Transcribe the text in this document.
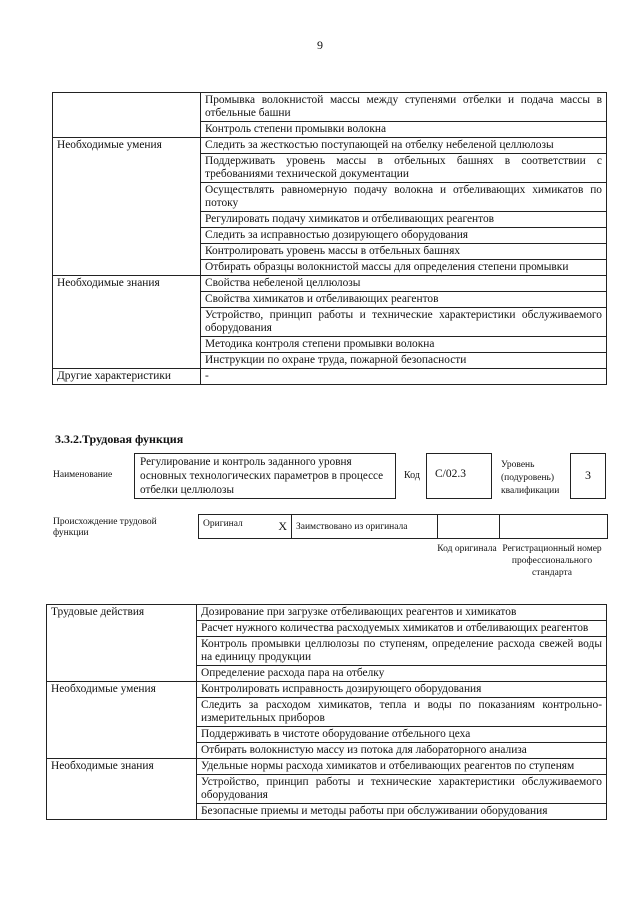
9
	Промывка волокнистой массы между ступенями отбелки и подача массы в отбельные башни
	Контроль степени промывки волокна
Необходимые умения	Следить за жесткостью поступающей на отбелку небеленой целлюлозы
	Поддерживать уровень массы в отбельных башнях в соответствии с требованиями технической документации
	Осуществлять равномерную подачу волокна и отбеливающих химикатов по потоку
	Регулировать подачу химикатов и отбеливающих реагентов
	Следить за исправностью дозирующего оборудования
	Контролировать уровень массы в отбельных башнях
	Отбирать образцы волокнистой массы для определения степени промывки
Необходимые знания	Свойства небеленой целлюлозы
	Свойства химикатов и отбеливающих реагентов
	Устройство, принцип работы и технические характеристики обслуживаемого оборудования
	Методика контроля степени промывки волокна
	Инструкции по охране труда, пожарной безопасности
Другие характеристики	-
3.3.2.Трудовая функция
Наименование
Регулирование и контроль заданного уровня основных технологических параметров в процессе отбелки целлюлозы
Код	С/02.3
Уровень (подуровень) квалификации
3
Происхождение трудовой функции
Оригинал	X	Заимствовано из оригинала		
Код оригинала Регистрационный номер профессионального стандарта
Трудовые действия	Дозирование при загрузке отбеливающих реагентов и химикатов
	Расчет нужного количества расходуемых химикатов и отбеливающих реагентов
	Контроль промывки целлюлозы по ступеням, определение расхода свежей воды на единицу продукции
	Определение расхода пара на отбелку
Необходимые умения	Контролировать исправность дозирующего оборудования
	Следить за расходом химикатов, тепла и воды по показаниям контрольно-измерительных приборов
	Поддерживать в чистоте оборудование отбельного цеха
	Отбирать волокнистую массу из потока для лабораторного анализа
Необходимые знания	Удельные нормы расхода химикатов и отбеливающих реагентов по ступеням
	Устройство, принцип работы и технические характеристики обслуживаемого оборудования
	Безопасные приемы и методы работы при обслуживании оборудования
